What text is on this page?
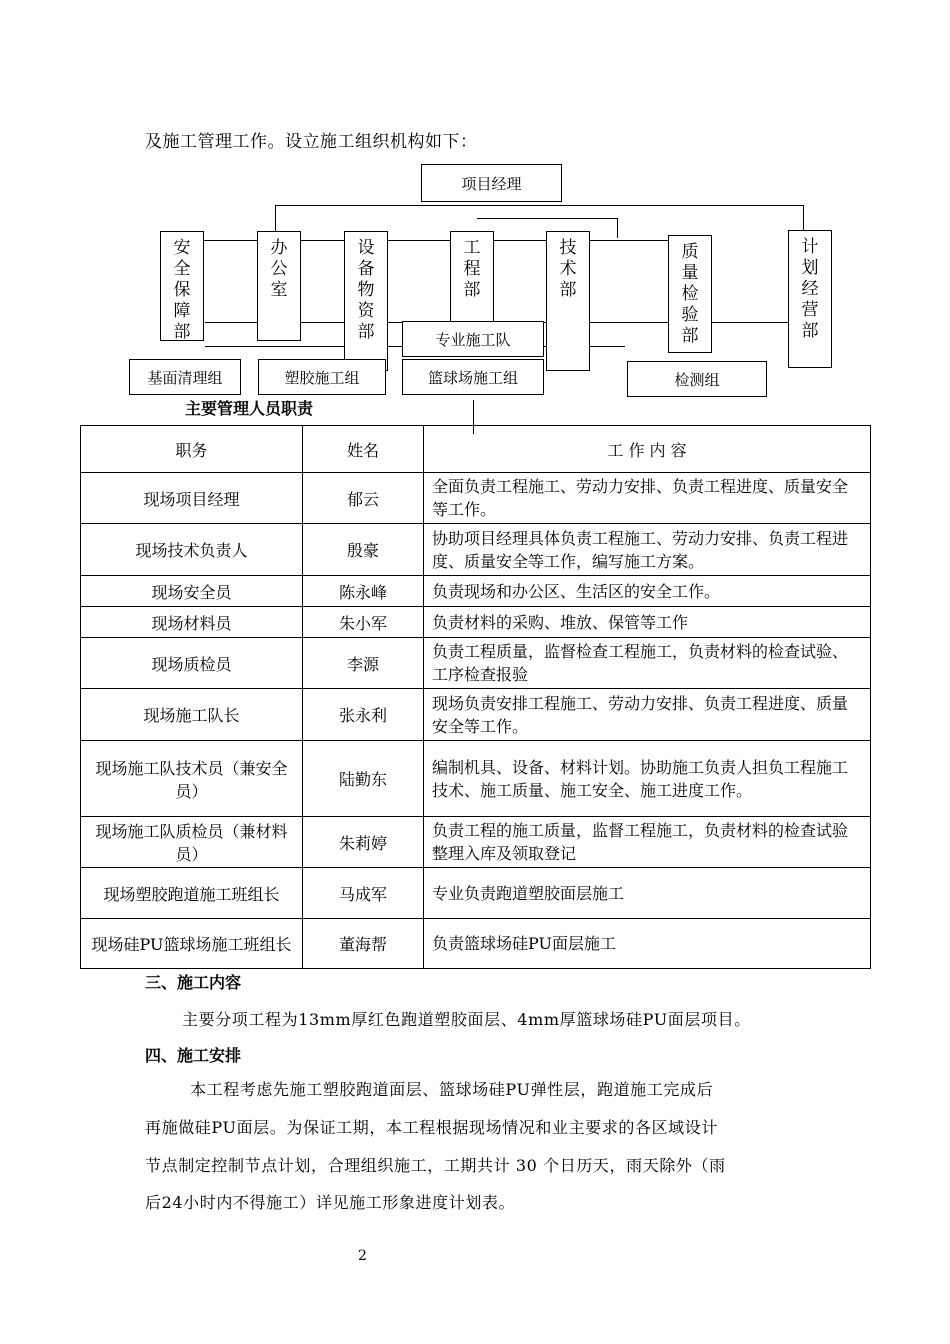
及施工管理工作。设立施工组织机构如下：
项目经理
安
全
保
障
部
办
公
室
设
备
物
资
部
工
程
部
技
术
部
质
量
检
验
部
计
划
经
营
部
专业施工队
基面清理组	塑胶施工组	篮球场施工组	检测组
主要管理人员职责
职务	姓名	工 作 内 容
现场项目经理	郁云	全面负责工程施工、劳动力安排、负责工程进度、质量安全等工作。
现场技术负责人	殷豪	协助项目经理具体负责工程施工、劳动力安排、负责工程进度、质量安全等工作，编写施工方案。
现场安全员	陈永峰	负责现场和办公区、生活区的安全工作。
现场材料员	朱小军	负责材料的采购、堆放、保管等工作
现场质检员	李源	负责工程质量，监督检查工程施工，负责材料的检查试验、工序检查报验
现场施工队长	张永利	现场负责安排工程施工、劳动力安排、负责工程进度、质量安全等工作。
现场施工队技术员（兼安全员）	陆勤东	编制机具、设备、材料计划。协助施工负责人担负工程施工技术、施工质量、施工安全、施工进度工作。
现场施工队质检员（兼材料员）	朱莉婷	负责工程的施工质量，监督工程施工，负责材料的检查试验整理入库及领取登记
现场塑胶跑道施工班组长	马成军	专业负责跑道塑胶面层施工
现场硅PU篮球场施工班组长	董海帮	负责篮球场硅PU面层施工
三、施工内容
主要分项工程为13mm厚红色跑道塑胶面层、4mm厚篮球场硅PU面层项目。
四、施工安排
本工程考虑先施工塑胶跑道面层、篮球场硅PU弹性层，跑道施工完成后
再施做硅PU面层。为保证工期，本工程根据现场情况和业主要求的各区域设计
节点制定控制节点计划，合理组织施工，工期共计 30 个日历天，雨天除外（雨
后24小时内不得施工）详见施工形象进度计划表。
2
